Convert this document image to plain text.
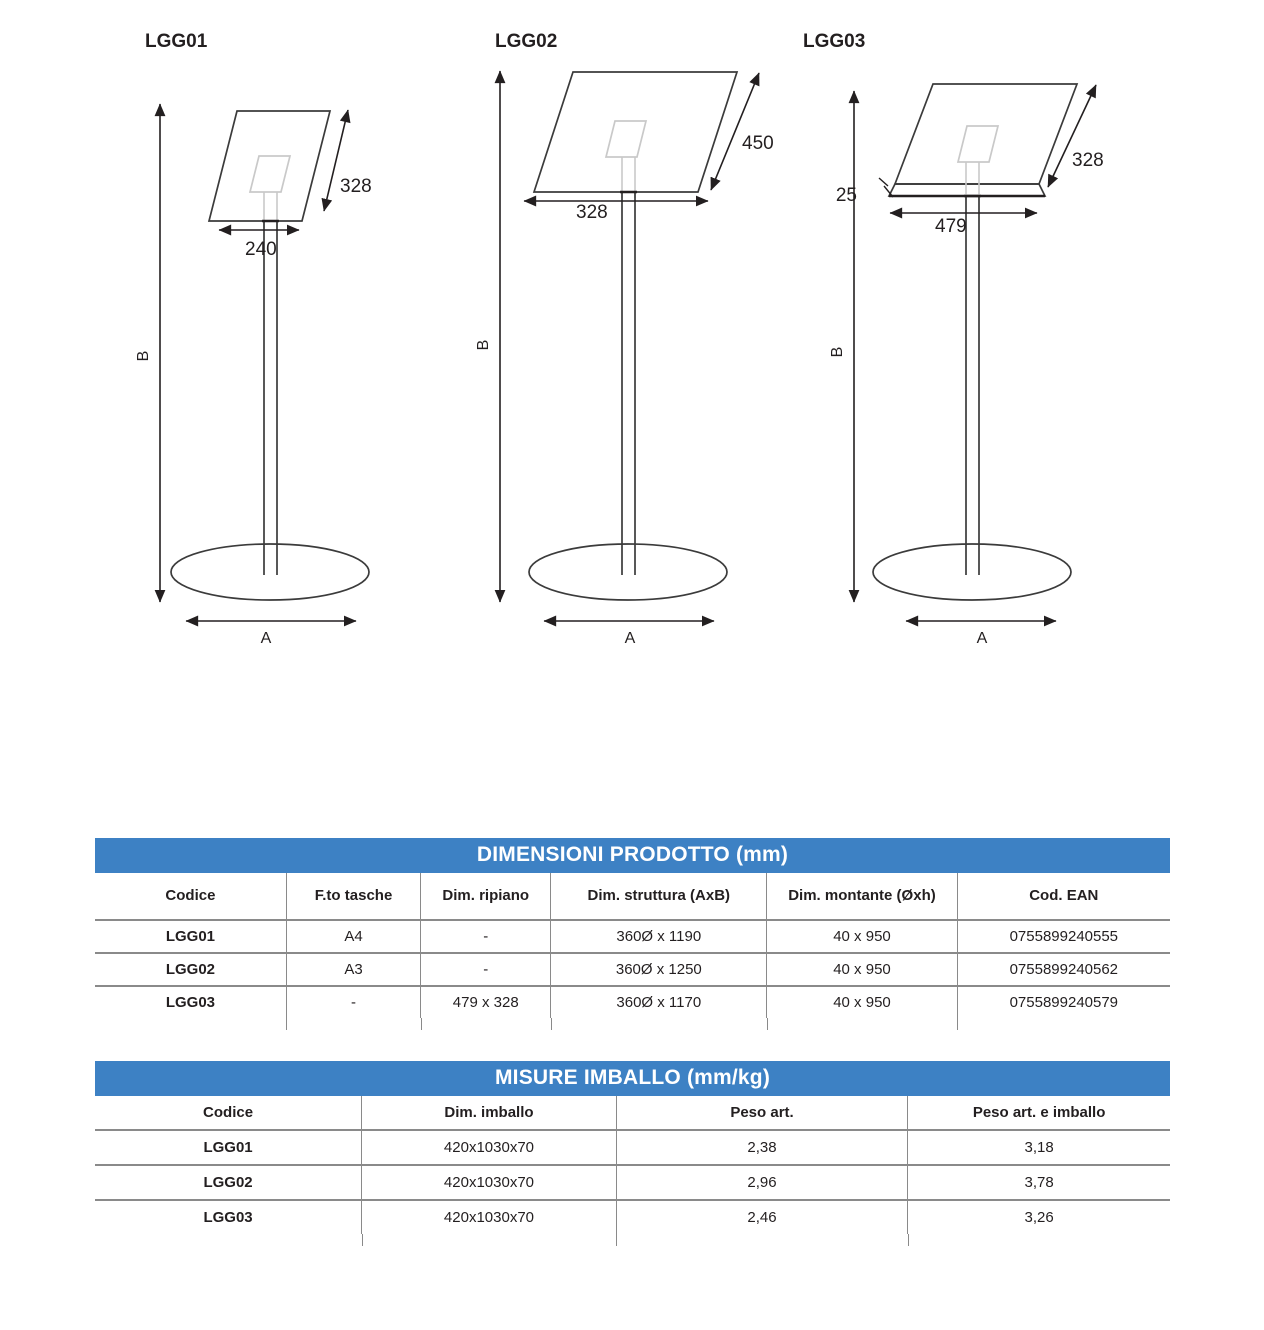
LGG01
B
240
328
A
LGG02
B
328
450
A
LGG03
B
25
479
328
A
DIMENSIONI PRODOTTO (mm)
Codice	F.to tasche	Dim. ripiano	Dim. struttura (AxB)	Dim. montante (Øxh)	Cod. EAN
LGG01	A4	-	360Ø x 1190	40 x 950	0755899240555
LGG02	A3	-	360Ø x 1250	40 x 950	0755899240562
LGG03	-	479 x 328	360Ø x 1170	40 x 950	0755899240579
MISURE IMBALLO (mm/kg)
Codice	Dim. imballo	Peso art.	Peso art. e imballo
LGG01	420x1030x70	2,38	3,18
LGG02	420x1030x70	2,96	3,78
LGG03	420x1030x70	2,46	3,26
